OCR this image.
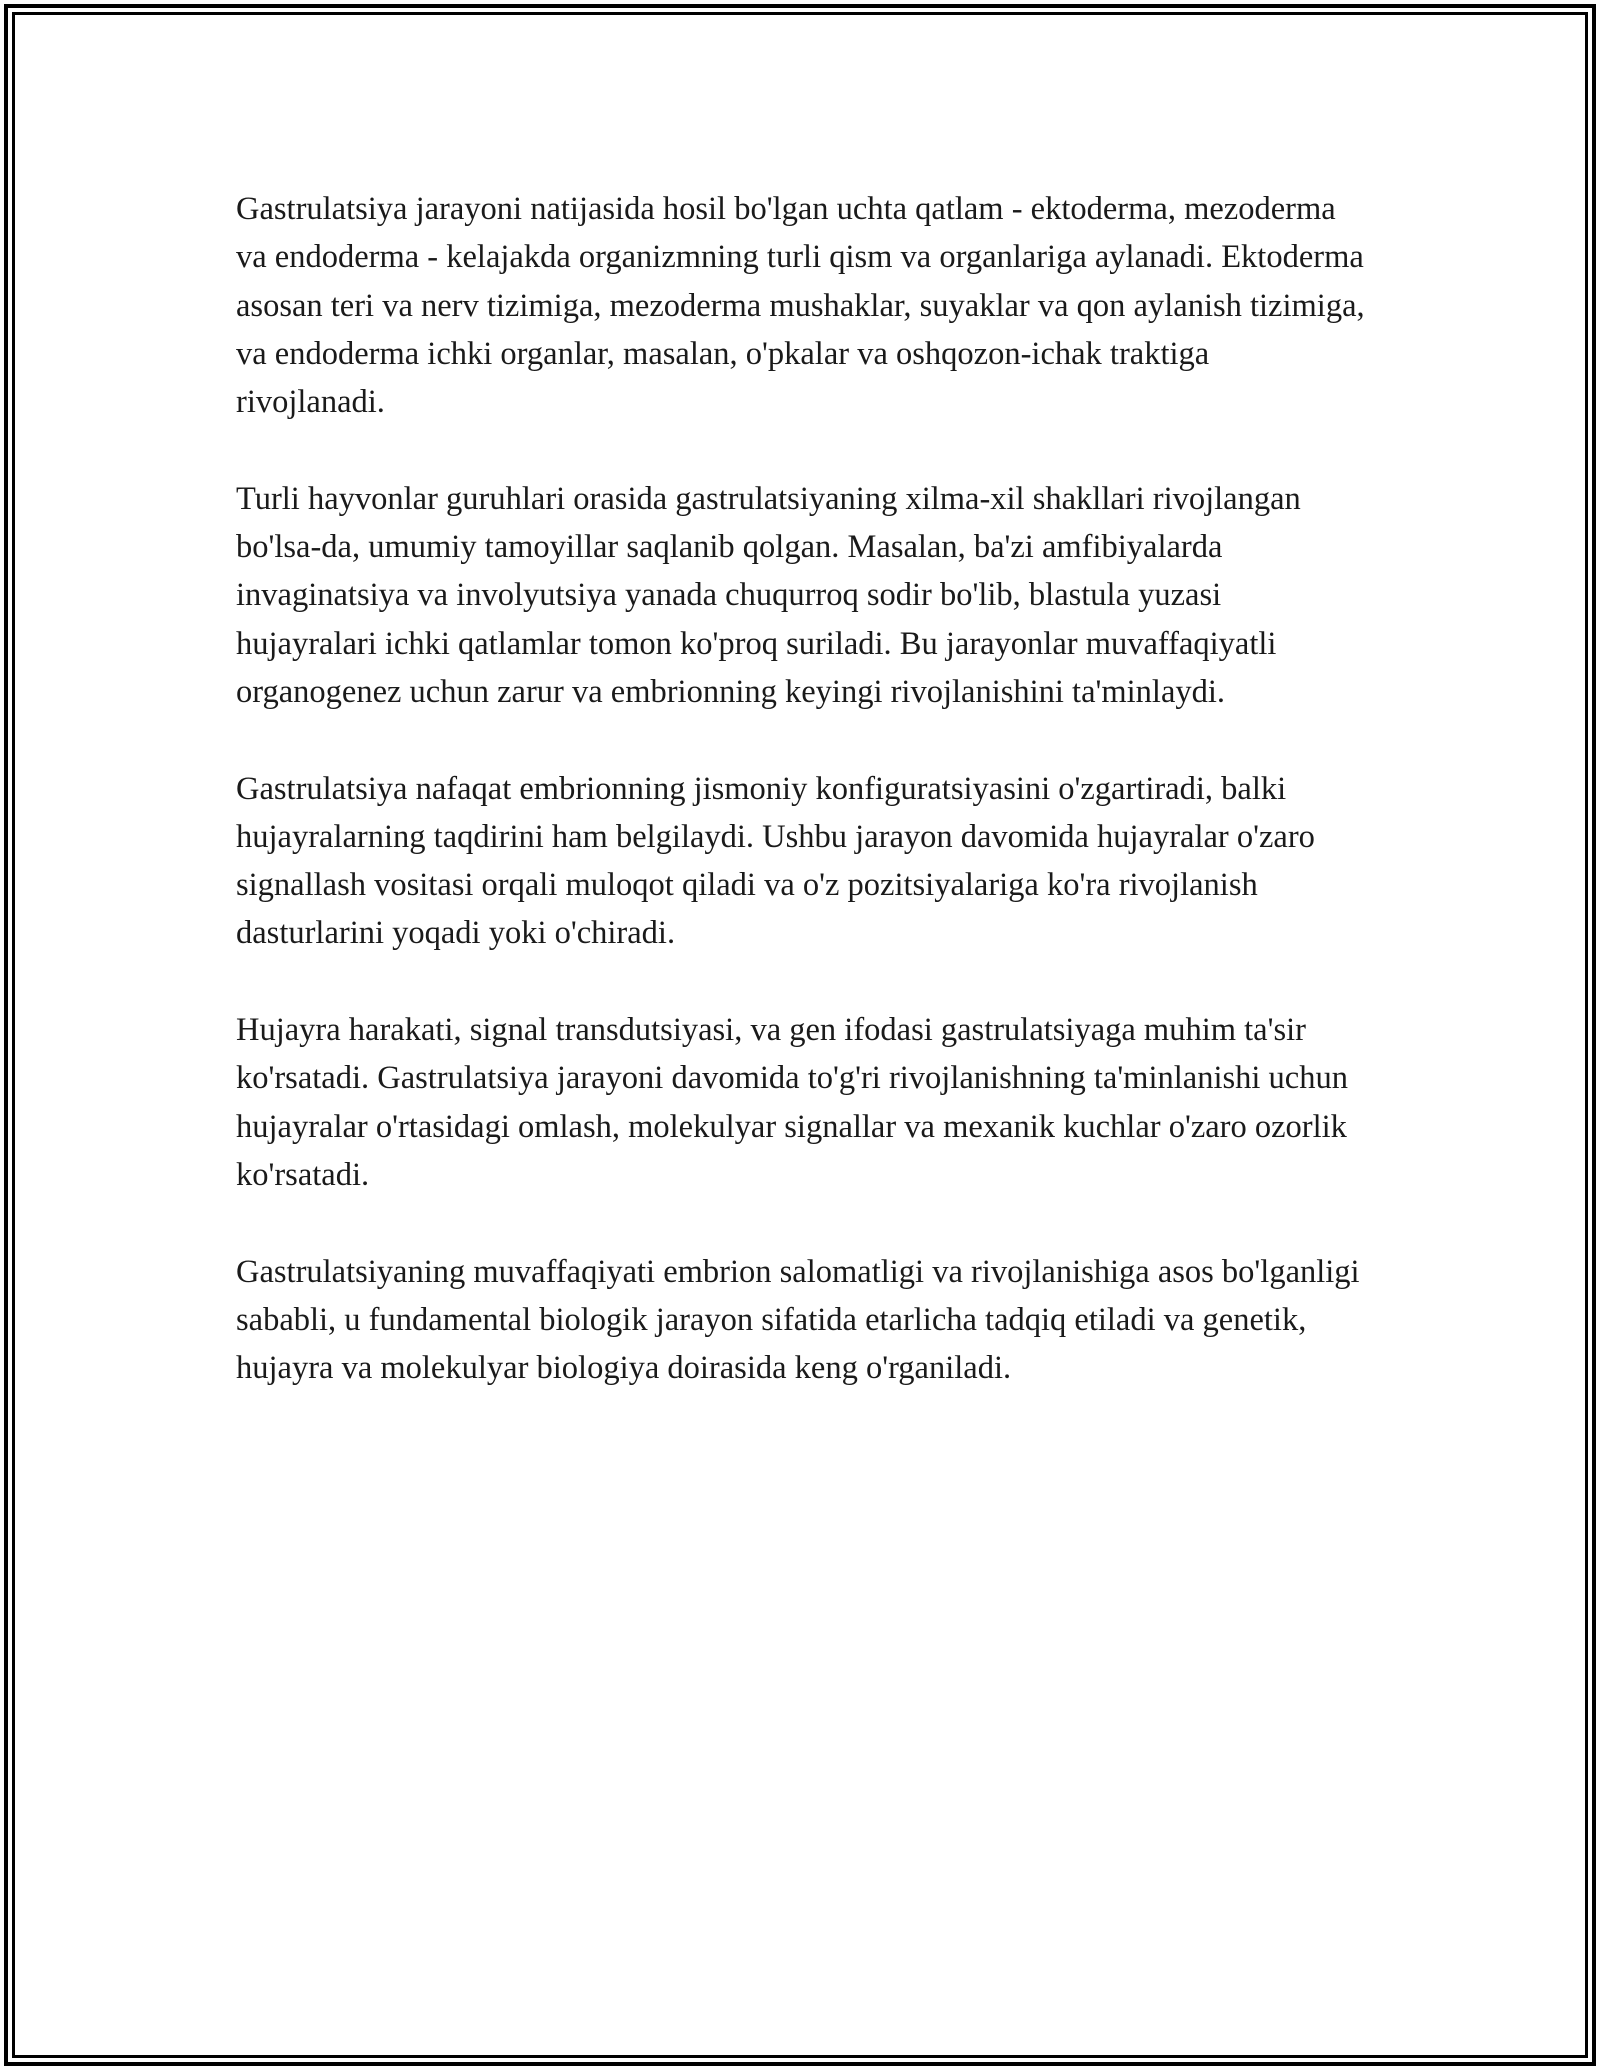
Gastrulatsiya jarayoni natijasida hosil bo'lgan uchta qatlam - ektoderma, mezoderma va endoderma - kelajakda organizmning turli qism va organlariga aylanadi. Ektoderma asosan teri va nerv tizimiga, mezoderma mushaklar, suyaklar va qon aylanish tizimiga, va endoderma ichki organlar, masalan, o'pkalar va oshqozon-ichak traktiga rivojlanadi.

Turli hayvonlar guruhlari orasida gastrulatsiyaning xilma-xil shakllari rivojlangan bo'lsa-da, umumiy tamoyillar saqlanib qolgan. Masalan, ba'zi amfibiyalarda invaginatsiya va involyutsiya yanada chuqurroq sodir bo'lib, blastula yuzasi hujayralari ichki qatlamlar tomon ko'proq suriladi. Bu jarayonlar muvaffaqiyatli organogenez uchun zarur va embrionning keyingi rivojlanishini ta'minlaydi.

Gastrulatsiya nafaqat embrionning jismoniy konfiguratsiyasini o'zgartiradi, balki hujayralarning taqdirini ham belgilaydi. Ushbu jarayon davomida hujayralar o'zaro signallash vositasi orqali muloqot qiladi va o'z pozitsiyalariga ko'ra rivojlanish dasturlarini yoqadi yoki o'chiradi.

Hujayra harakati, signal transdutsiyasi, va gen ifodasi gastrulatsiyaga muhim ta'sir ko'rsatadi. Gastrulatsiya jarayoni davomida to'g'ri rivojlanishning ta'minlanishi uchun hujayralar o'rtasidagi omlash, molekulyar signallar va mexanik kuchlar o'zaro ozorlik ko'rsatadi.

Gastrulatsiyaning muvaffaqiyati embrion salomatligi va rivojlanishiga asos bo'lganligi sababli, u fundamental biologik jarayon sifatida etarlicha tadqiq etiladi va genetik, hujayra va molekulyar biologiya doirasida keng o'rganiladi.
